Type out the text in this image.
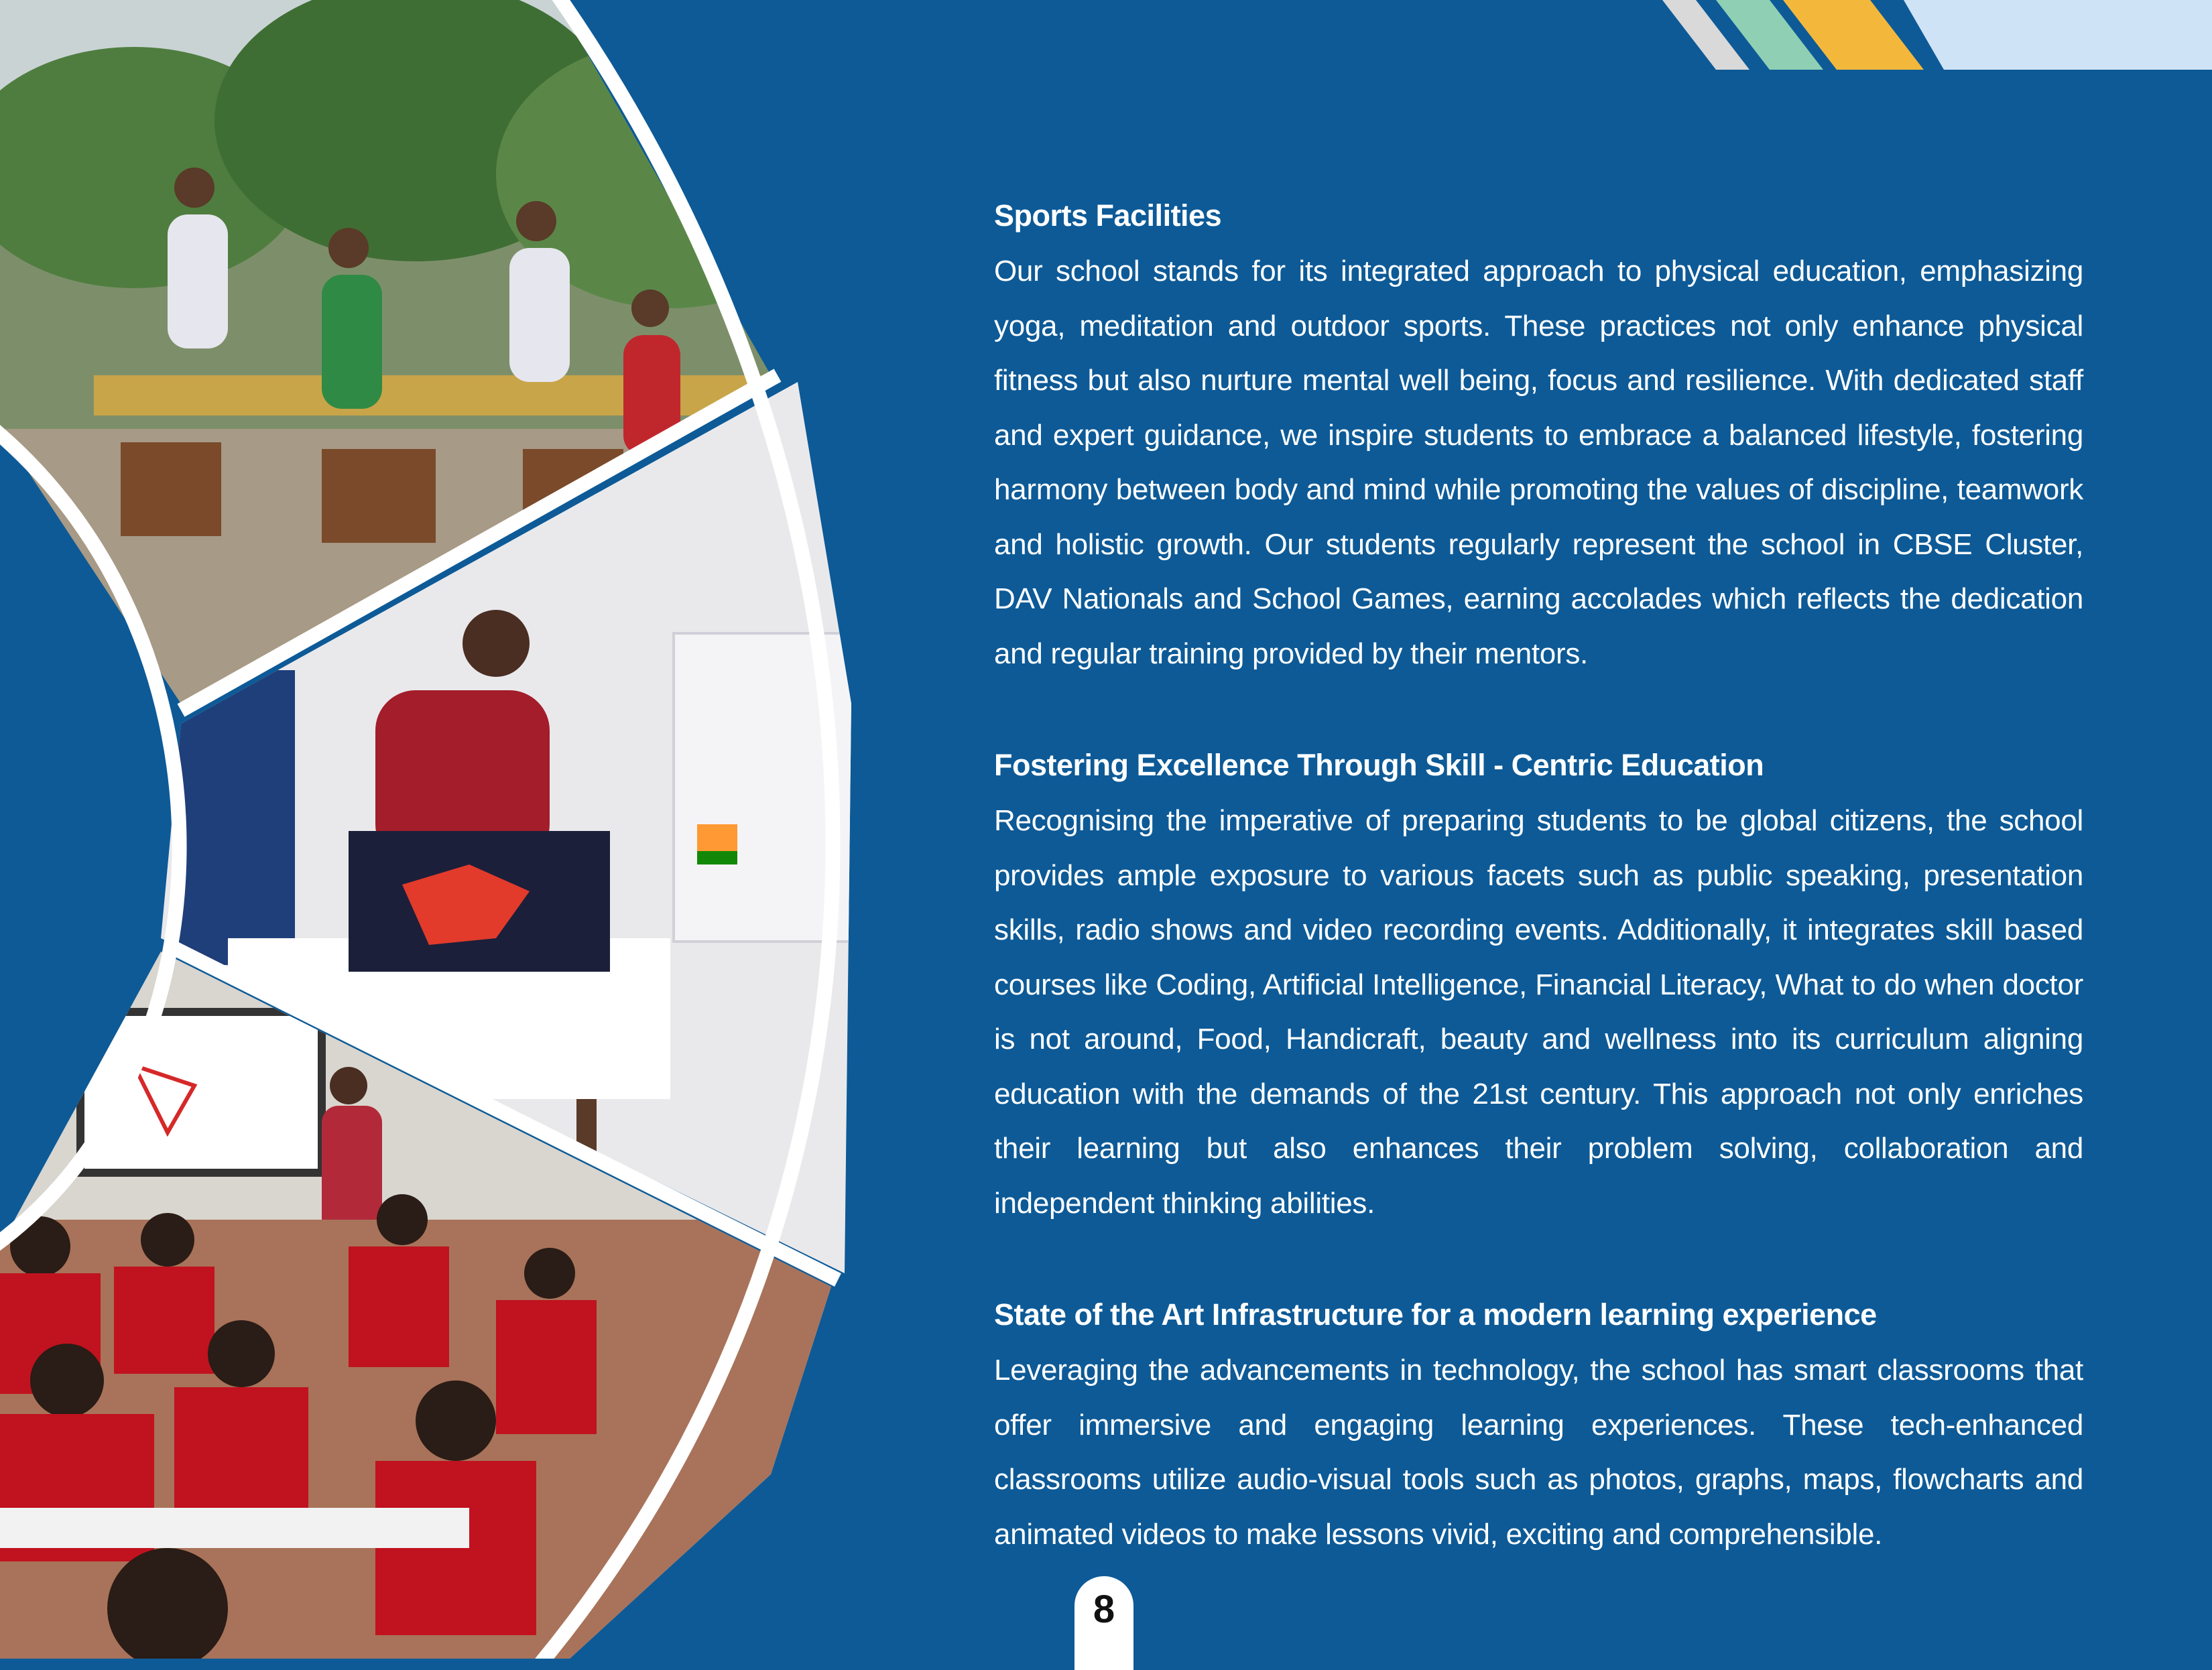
Sports Facilities

Our school stands for its integrated approach to physical education, emphasizing yoga, meditation and outdoor sports. These practices not only enhance physical fitness but also nurture mental well being, focus and resilience. With dedicated staff and expert guidance, we inspire students to embrace a balanced lifestyle, fostering harmony between body and mind while promoting the values of discipline, teamwork and holistic growth. Our students regularly represent the school in CBSE Cluster, DAV Nationals and School Games, earning accolades which reflects the dedication and regular training provided by their mentors.

Fostering Excellence Through Skill - Centric Education

Recognising the imperative of preparing students to be global citizens, the school provides ample exposure to various facets such as public speaking, presentation skills, radio shows and video recording events. Additionally, it integrates skill based courses like Coding, Artificial Intelligence, Financial Literacy, What to do when doctor is not around, Food, Handicraft, beauty and wellness into its curriculum aligning education with the demands of the 21st century. This approach not only enriches their learning but also enhances their problem solving, collaboration and independent thinking abilities.

State of the Art Infrastructure for a modern learning experience

Leveraging the advancements in technology, the school has smart classrooms that offer immersive and engaging learning experiences. These tech-enhanced classrooms utilize audio-visual tools such as photos, graphs, maps, flowcharts and animated videos to make lessons vivid, exciting and comprehensible.

8
